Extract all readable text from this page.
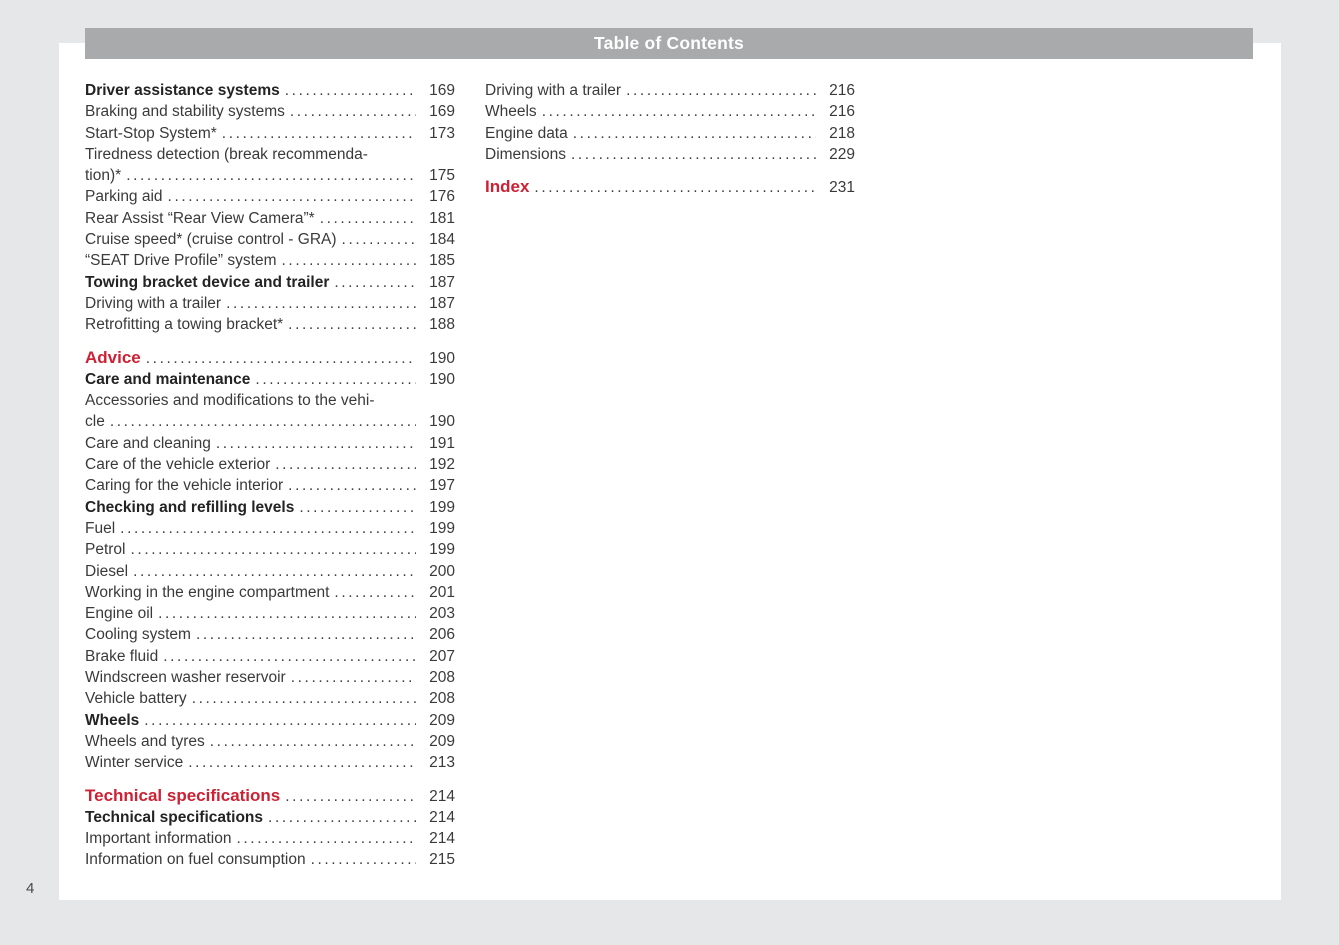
Table of Contents
Driver assistance systems .....	169
Braking and stability systems .....	169
Start-Stop System* .....	173
Tiredness detection (break recommenda-
tion)* .....	175
Parking aid .....	176
Rear Assist “Rear View Camera”* .....	181
Cruise speed* (cruise control - GRA) .....	184
“SEAT Drive Profile” system .....	185
Towing bracket device and trailer .....	187
Driving with a trailer .....	187
Retrofitting a towing bracket* .....	188
Advice .....	190
Care and maintenance .....	190
Accessories and modifications to the vehi-
cle .....	190
Care and cleaning .....	191
Care of the vehicle exterior .....	192
Caring for the vehicle interior .....	197
Checking and refilling levels .....	199
Fuel .....	199
Petrol .....	199
Diesel .....	200
Working in the engine compartment .....	201
Engine oil .....	203
Cooling system .....	206
Brake fluid .....	207
Windscreen washer reservoir .....	208
Vehicle battery .....	208
Wheels .....	209
Wheels and tyres .....	209
Winter service .....	213
Technical specifications .....	214
Technical specifications .....	214
Important information .....	214
Information on fuel consumption .....	215
Driving with a trailer .....	216
Wheels .....	216
Engine data .....	218
Dimensions .....	229
Index .....	231
4
